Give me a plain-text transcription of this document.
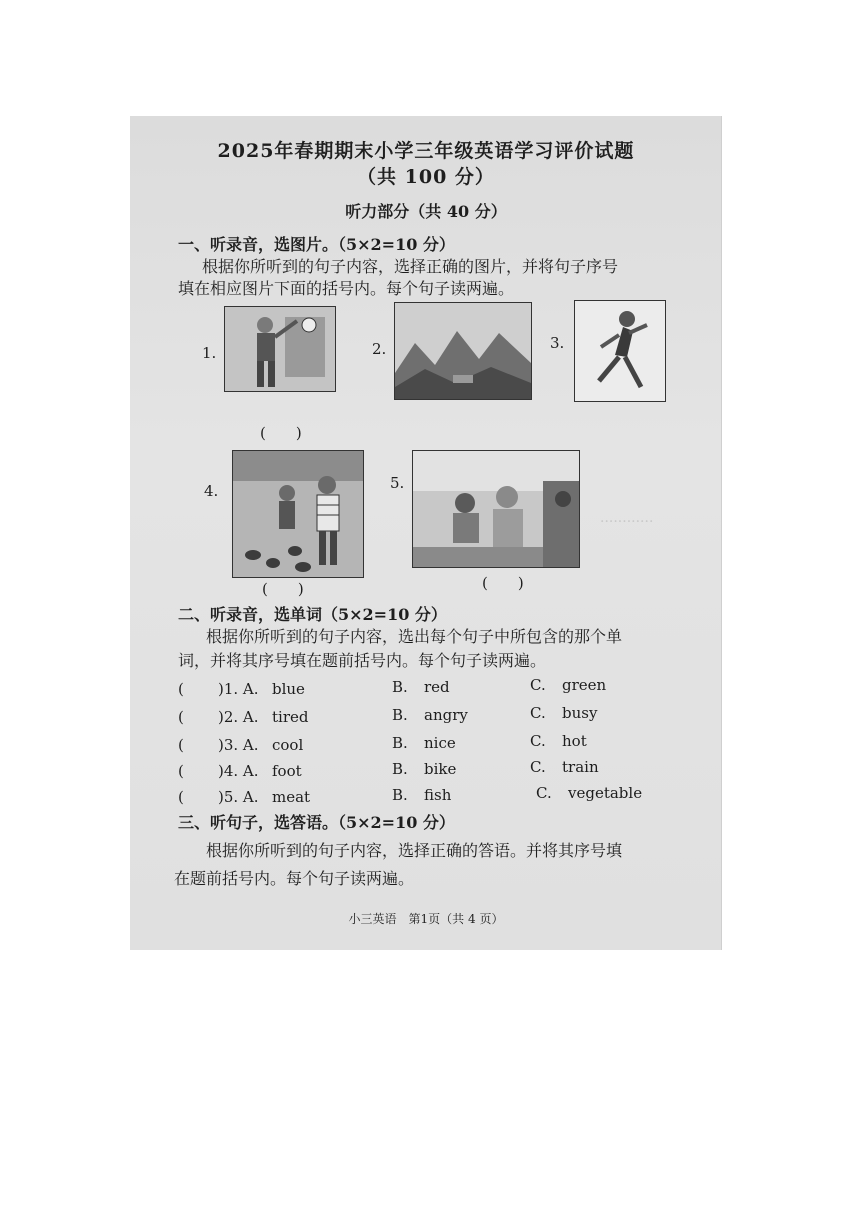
············
2025年春期期末小学三年级英语学习评价试题
（共 100 分）
听力部分（共 40 分）
一、听录音，选图片。（5×2=10 分）
根据你所听到的句子内容，选择正确的图片，并将句子序号
填在相应图片下面的括号内。每个句子读两遍。
1.
(　　)
2.	3.
4.
(　　)
5.
(　　)
二、听录音，选单词（5×2=10 分）
根据你所听到的句子内容，选出每个句子中所包含的那个单
词，并将其序号填在题前括号内。每个句子读两遍。
( )1. A. blue	B. red	C. green
( )2. A. tired	B. angry	C. busy
( )3. A. cool	B. nice	C. hot
( )4. A. foot	B. bike	C. train
( )5. A. meat	B. fish	C. vegetable
三、听句子，选答语。（5×2=10 分）
根据你所听到的句子内容，选择正确的答语。并将其序号填
在题前括号内。每个句子读两遍。
小三英语　第1页（共 4 页）
